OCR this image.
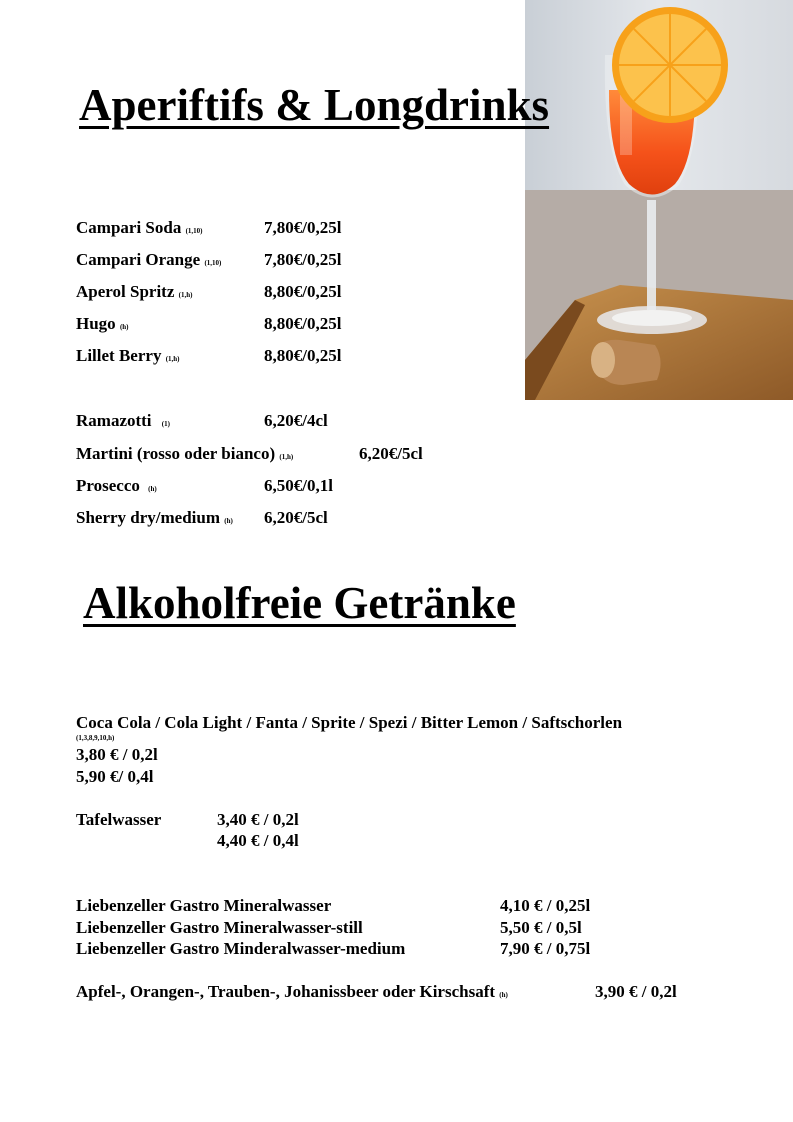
Aperiftifs & Longdrinks
Campari Soda (1,10)	7,80€/0,25l
Campari Orange (1,10)	7,80€/0,25l
Aperol Spritz (1,h)	8,80€/0,25l
Hugo (h)	8,80€/0,25l
Lillet Berry (1,h)	8,80€/0,25l
Ramazotti (1)	6,20€/4cl
Martini (rosso oder bianco) (1,h)	6,20€/5cl
Prosecco (h)	6,50€/0,1l
Sherry dry/medium (h) 6,20€/5cl
Alkoholfreie Getränke
Coca Cola / Cola Light / Fanta / Sprite / Spezi / Bitter Lemon / Saftschorlen
(1,3,8,9,10,h)
3,80 € / 0,2l
5,90 €/ 0,4l
Tafelwasser	3,40 € / 0,2l
4,40 € / 0,4l
Liebenzeller Gastro Mineralwasser	4,10 € / 0,25l
Liebenzeller Gastro Mineralwasser-still	5,50 € / 0,5l
Liebenzeller Gastro Minderalwasser-medium	7,90 € / 0,75l
Apfel-, Orangen-, Trauben-, Johanissbeer oder Kirschsaft (h)	3,90 € / 0,2l
